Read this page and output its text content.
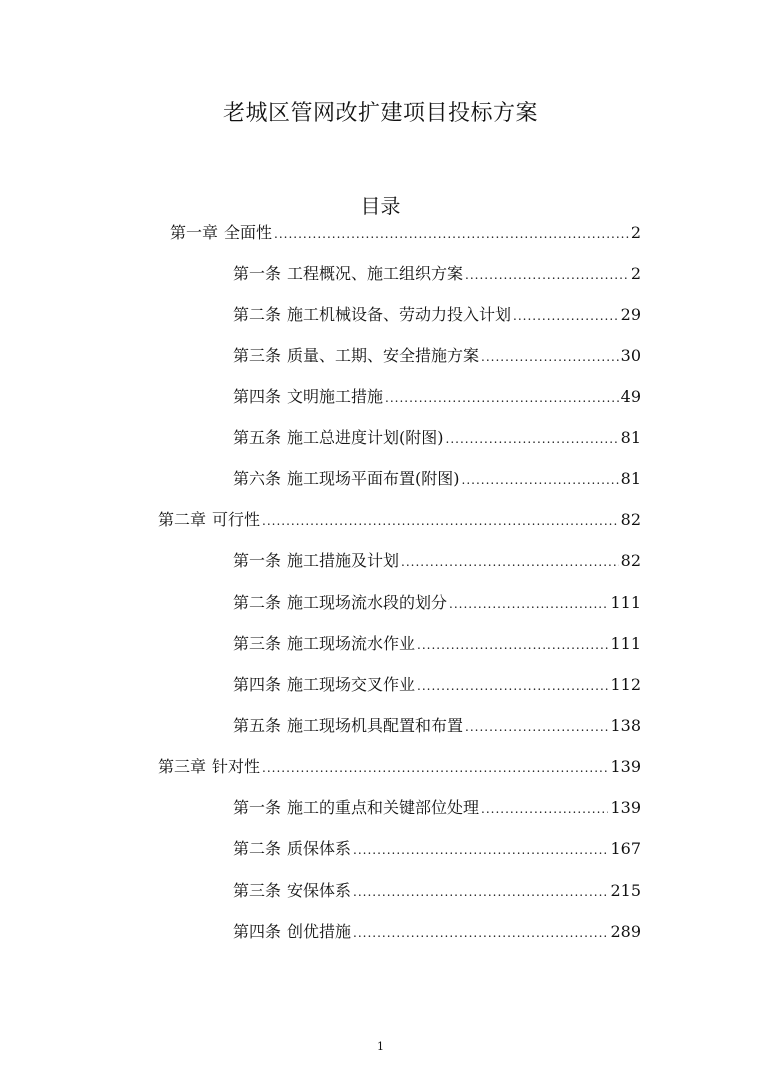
老城区管网改扩建项目投标方案
目录
第一章 全面性 .....	2
第一条 工程概况、施工组织方案 .....	2
第二条 施工机械设备、劳动力投入计划 .....	29
第三条 质量、工期、安全措施方案 .....	30
第四条 文明施工措施 .....	49
第五条 施工总进度计划(附图) .....	81
第六条 施工现场平面布置(附图) .....	81
第二章 可行性 .....	82
第一条 施工措施及计划 .....	82
第二条 施工现场流水段的划分 .....	111
第三条 施工现场流水作业 .....	111
第四条 施工现场交叉作业 .....	112
第五条 施工现场机具配置和布置 .....	138
第三章 针对性 .....	139
第一条 施工的重点和关键部位处理 .....	139
第二条 质保体系 .....	167
第三条 安保体系 .....	215
第四条 创优措施 .....	289
1
